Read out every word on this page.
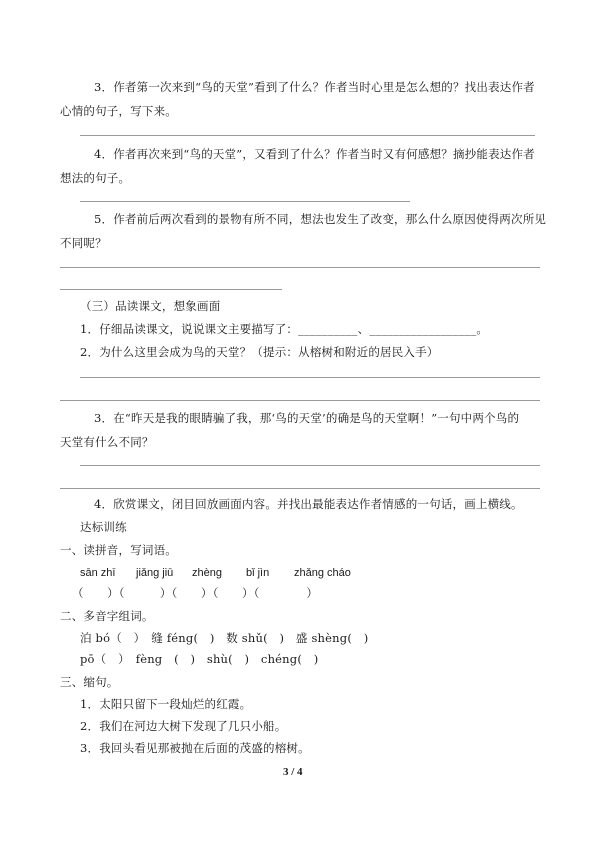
3．作者第一次来到“鸟的天堂”看到了什么？作者当时心里是怎么想的？找出表达作者
心情的句子，写下来。
4．作者再次来到“鸟的天堂”，又看到了什么？作者当时又有何感想？摘抄能表达作者
想法的句子。
5．作者前后两次看到的景物有所不同，想法也发生了改变，那么什么原因使得两次所见
不同呢？
（三）品读课文，想象画面
1．仔细品读课文，说说课文主要描写了：__________、__________________。
2．为什么这里会成为鸟的天堂？（提示：从榕树和附近的居民入手）
3．在“昨天是我的眼睛骗了我，那‘鸟的天堂’的确是鸟的天堂啊！”一句中两个鸟的
天堂有什么不同？
4．欣赏课文，闭目回放画面内容。并找出最能表达作者情感的一句话，画上横线。
达标训练
一、读拼音，写词语。
sān zhī jiǎng jiū zhèng bǐ jìn zhǎng cháo
（　　）（　　　）（　　）（　　）（　　　　）
二、多音字组词。
泊 bó（　）　缝 féng(　)　数 shǔ(　)　盛 shèng(　)
pō（　）　fèng　(　)　shù(　)　chéng(　)
三、缩句。
1．太阳只留下一段灿烂的红霞。
2．我们在河边大树下发现了几只小船。
3．我回头看见那被抛在后面的茂盛的榕树。
3 / 4
